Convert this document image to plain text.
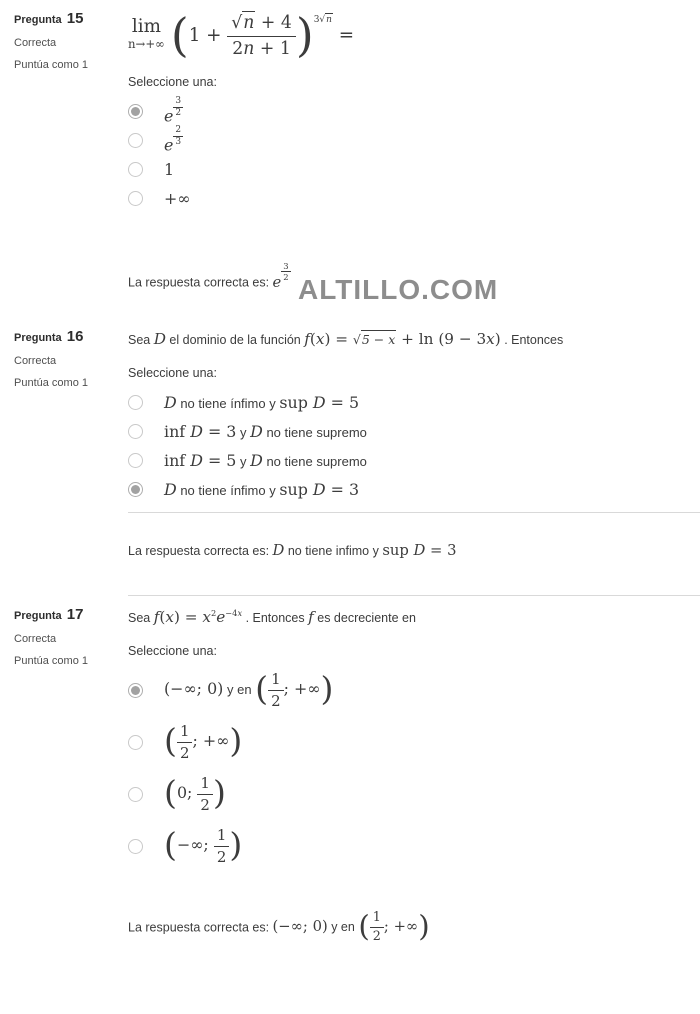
Pregunta 15
Correcta
Puntúa como 1
lim
n→+∞ $(1 + \frac{√n + 4}{2n + 1} )3√n$ =
Seleccione una:
e $\frac{3}{2}$
e $\frac{2}{3}$
1
+∞
La respuesta correcta es: e
$\frac{3}{2}$
ALTILLO.COM
Pregunta 16
Correcta
Puntúa como 1
Sea D el dominio de la función f(x) = √5 − x + ln (9 − 3x) . Entonces
Seleccione una:
D no tiene ínfimo y sup D = 5
inf D = 3 y D no tiene supremo
inf D = 5 y D no tiene supremo
D no tiene ínfimo y sup D = 3
La respuesta correcta es: D no tiene infimo y sup D = 3
Pregunta 17
Correcta
Puntúa como 1
Sea f(x) = x2e−4x . Entonces f es decreciente en
Seleccione una:
(−∞; 0) y en ( $\frac{1}{2}$ ; +∞)
( $\frac{1}{2}$ ; +∞)
(0; $\frac{1}{2}$ )
(−∞; $\frac{1}{2}$ )
La respuesta correcta es: (−∞; 0) y en ( $\frac{1}{2}$ ; +∞)
